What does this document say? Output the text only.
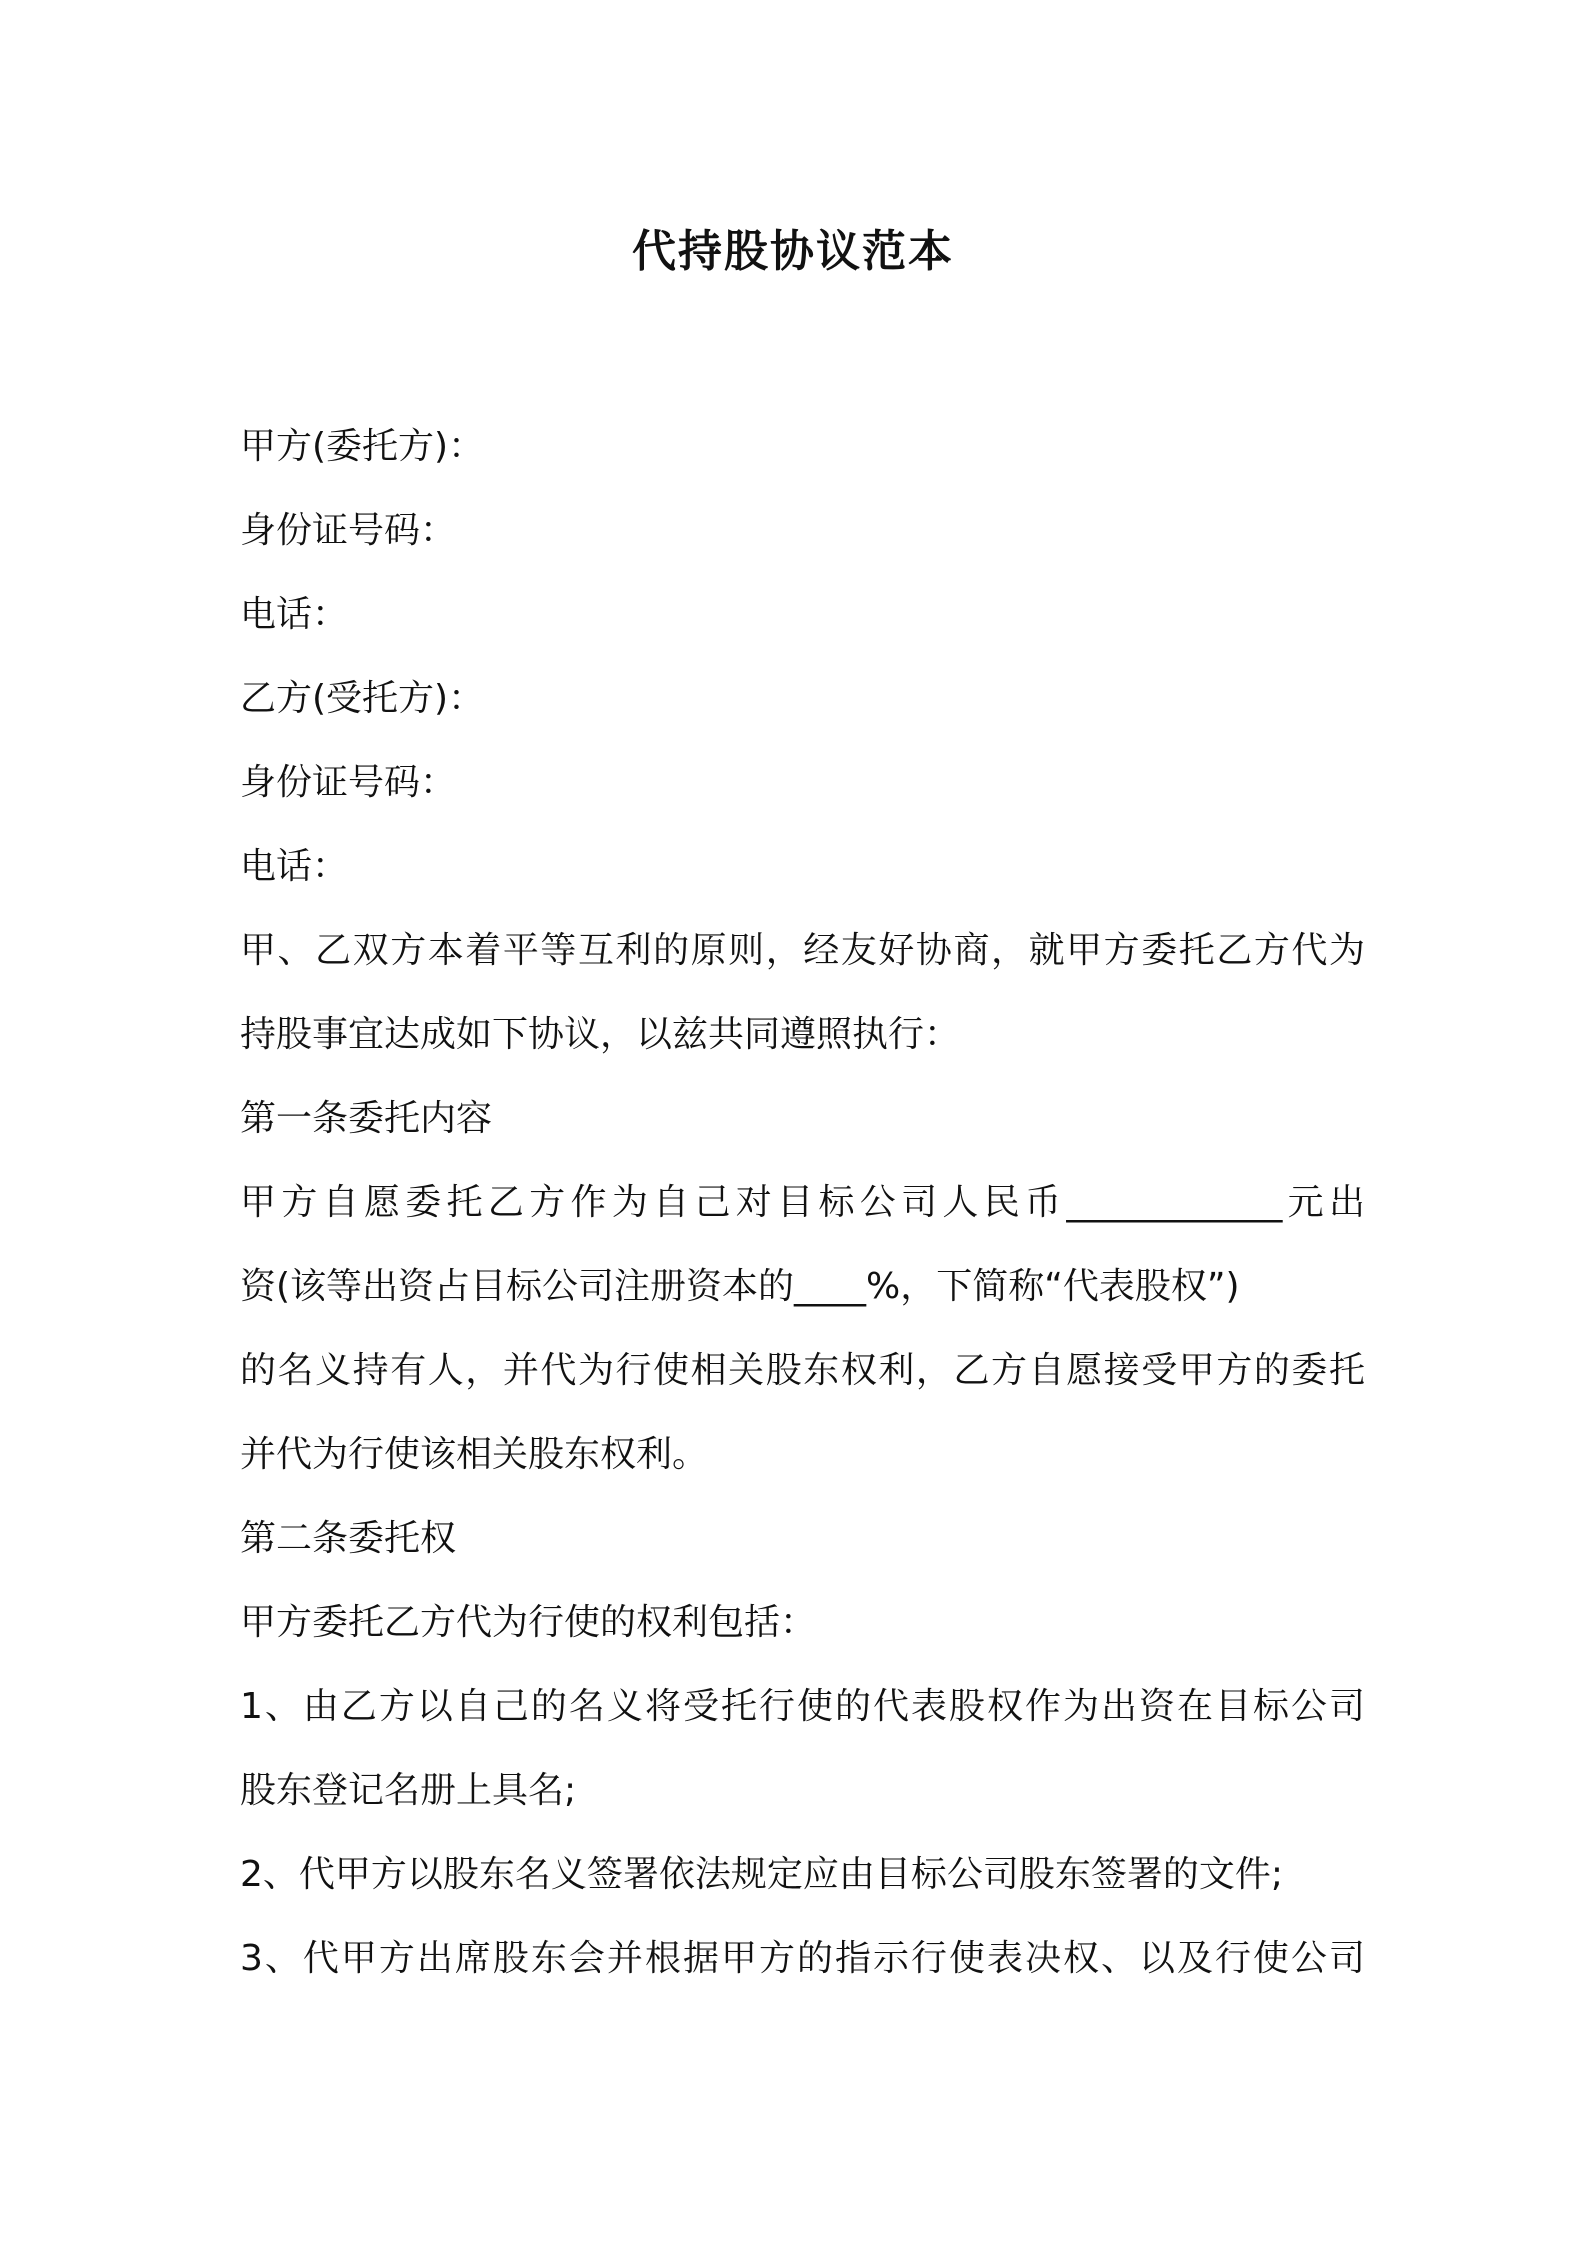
代持股协议范本

甲方(委托方)：

身份证号码：

电话：

乙方(受托方)：

身份证号码：

电话：

甲、乙双方本着平等互利的原则，经友好协商，就甲方委托乙方代为

持股事宜达成如下协议，以兹共同遵照执行：

第一条委托内容

甲方自愿委托乙方作为自己对目标公司人民币____________元出

资(该等出资占目标公司注册资本的____%，下简称“代表股权”)

的名义持有人，并代为行使相关股东权利，乙方自愿接受甲方的委托

并代为行使该相关股东权利。

第二条委托权

甲方委托乙方代为行使的权利包括：

1、由乙方以自己的名义将受托行使的代表股权作为出资在目标公司

股东登记名册上具名;

2、代甲方以股东名义签署依法规定应由目标公司股东签署的文件;

3、代甲方出席股东会并根据甲方的指示行使表决权、以及行使公司
